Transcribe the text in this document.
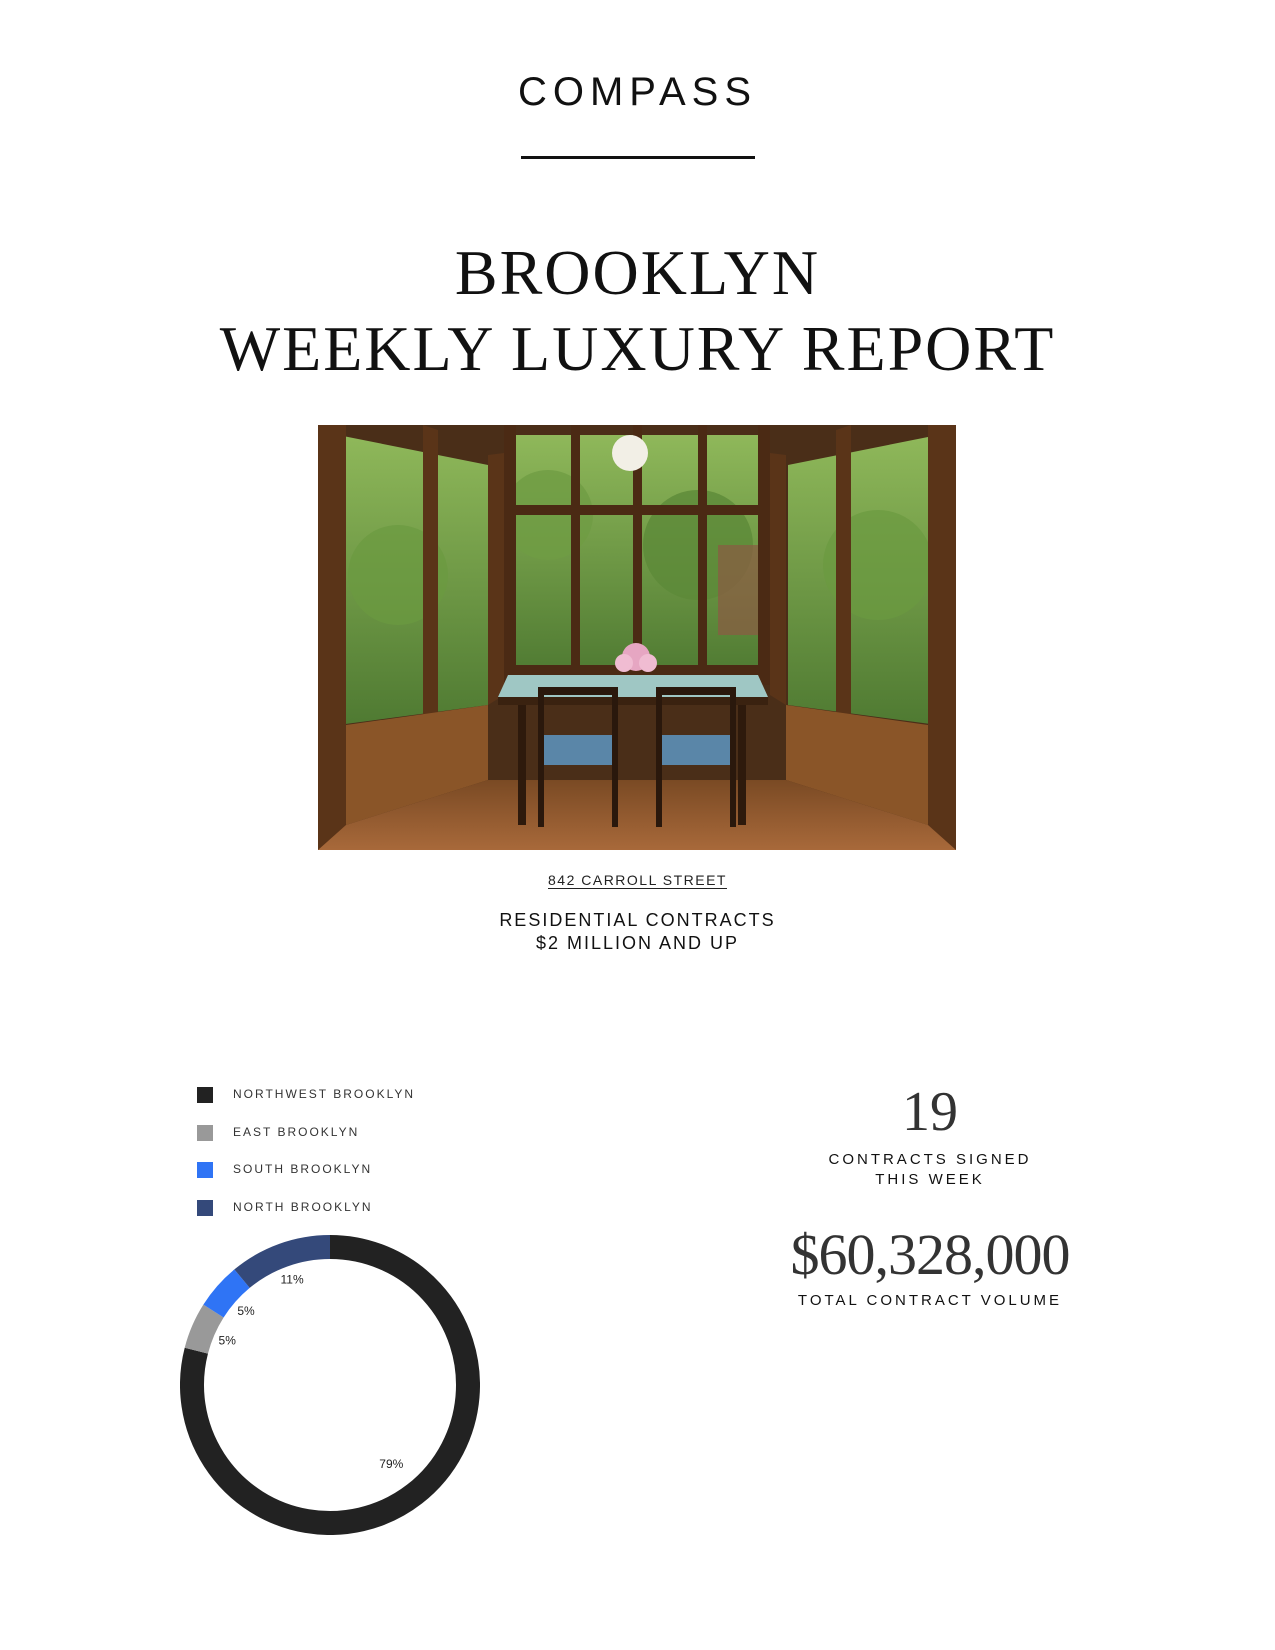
COMPASS
BROOKLYN
WEEKLY LUXURY REPORT
842 CARROLL STREET
RESIDENTIAL CONTRACTS
$2 MILLION AND UP
NORTHWEST BROOKLYN
EAST BROOKLYN
SOUTH BROOKLYN
NORTH BROOKLYN
79%
5%
5%
11%
19
CONTRACTS SIGNED
THIS WEEK
$60,328,000
TOTAL CONTRACT VOLUME
